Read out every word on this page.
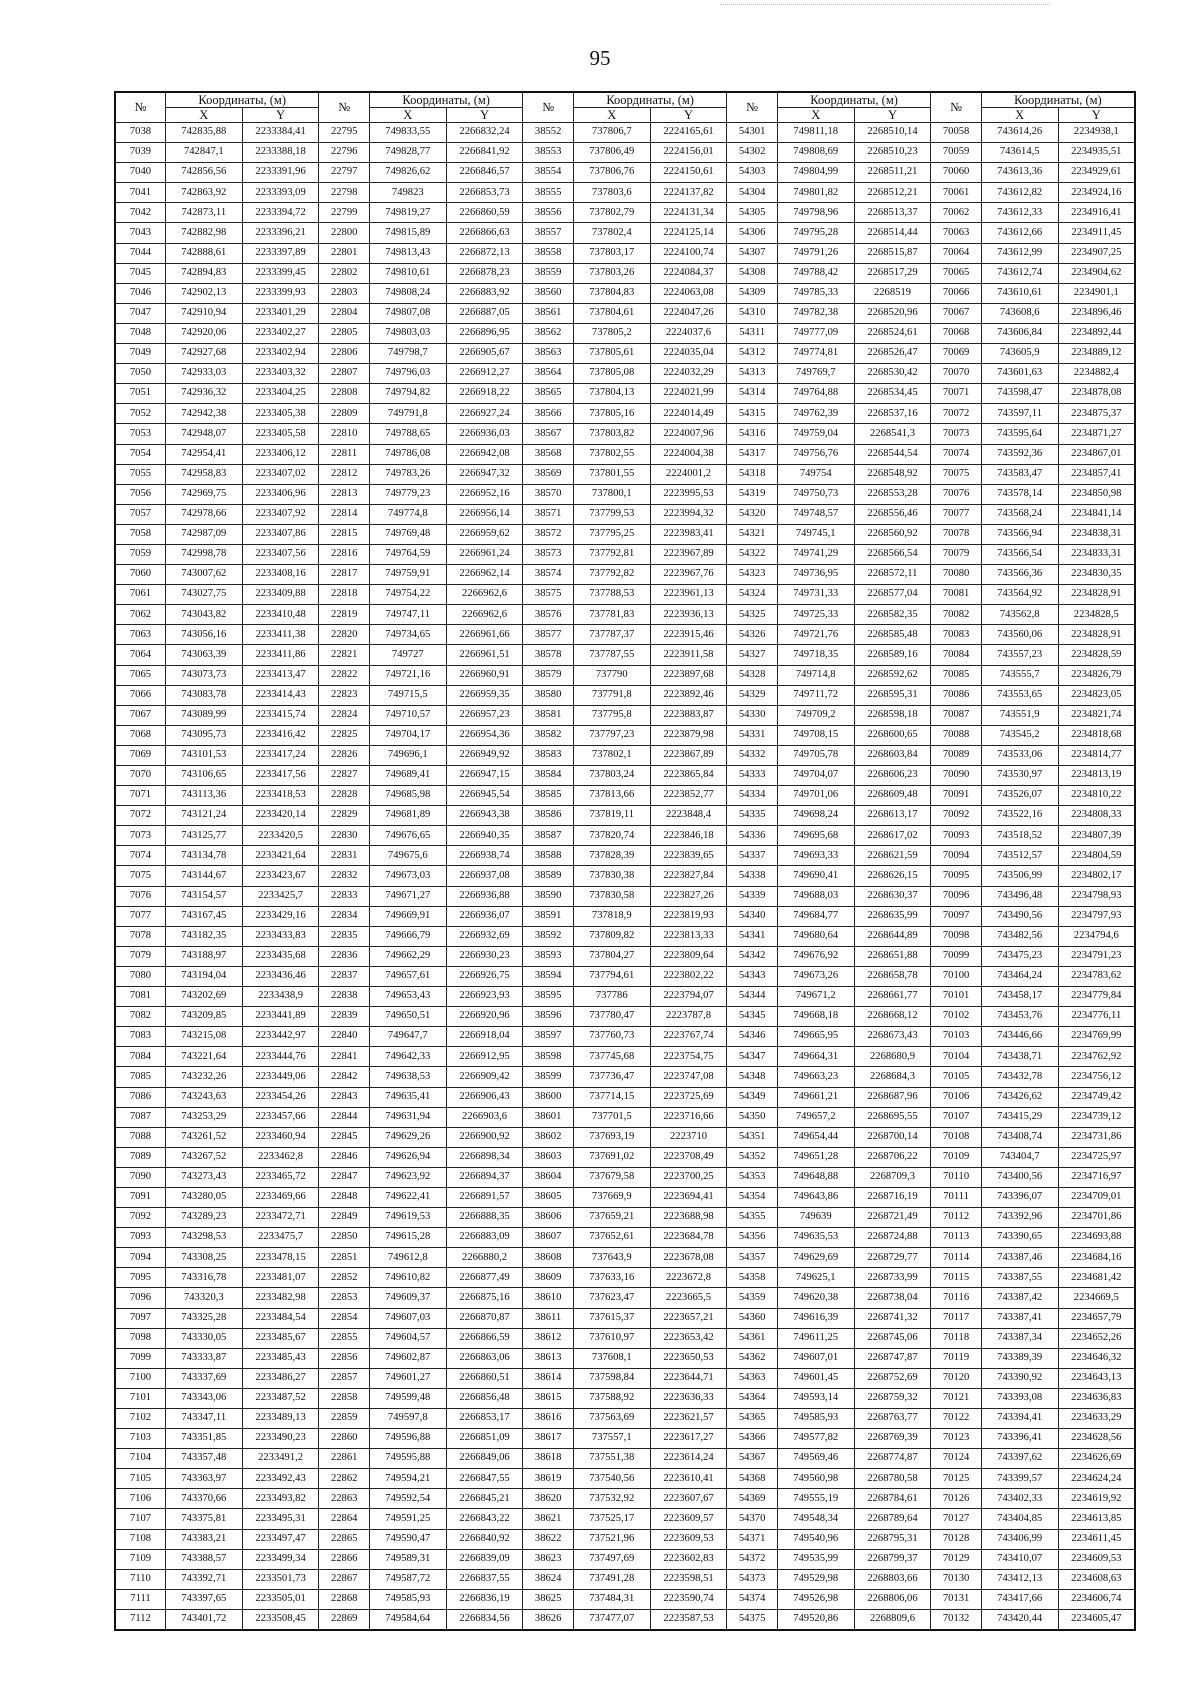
95
№	Координаты, (м)		№	Координаты, (м)		№	Координаты, (м)		№	Координаты, (м)		№	Координаты, (м)	
	X	Y		X	Y		X	Y		X	Y		X	Y
7038	742835,88	2233384,41	22795	749833,55	2266832,24	38552	737806,7	2224165,61	54301	749811,18	2268510,14	70058	743614,26	2234938,1
7039	742847,1	2233388,18	22796	749828,77	2266841,92	38553	737806,49	2224156,01	54302	749808,69	2268510,23	70059	743614,5	2234935,51
7040	742856,56	2233391,96	22797	749826,62	2266846,57	38554	737806,76	2224150,61	54303	749804,99	2268511,21	70060	743613,36	2234929,61
7041	742863,92	2233393,09	22798	749823	2266853,73	38555	737803,6	2224137,82	54304	749801,82	2268512,21	70061	743612,82	2234924,16
7042	742873,11	2233394,72	22799	749819,27	2266860,59	38556	737802,79	2224131,34	54305	749798,96	2268513,37	70062	743612,33	2234916,41
7043	742882,98	2233396,21	22800	749815,89	2266866,63	38557	737802,4	2224125,14	54306	749795,28	2268514,44	70063	743612,66	2234911,45
7044	742888,61	2233397,89	22801	749813,43	2266872,13	38558	737803,17	2224100,74	54307	749791,26	2268515,87	70064	743612,99	2234907,25
7045	742894,83	2233399,45	22802	749810,61	2266878,23	38559	737803,26	2224084,37	54308	749788,42	2268517,29	70065	743612,74	2234904,62
7046	742902,13	2233399,93	22803	749808,24	2266883,92	38560	737804,83	2224063,08	54309	749785,33	2268519	70066	743610,61	2234901,1
7047	742910,94	2233401,29	22804	749807,08	2266887,05	38561	737804,61	2224047,26	54310	749782,38	2268520,96	70067	743608,6	2234896,46
7048	742920,06	2233402,27	22805	749803,03	2266896,95	38562	737805,2	2224037,6	54311	749777,09	2268524,61	70068	743606,84	2234892,44
7049	742927,68	2233402,94	22806	749798,7	2266905,67	38563	737805,61	2224035,04	54312	749774,81	2268526,47	70069	743605,9	2234889,12
7050	742933,03	2233403,32	22807	749796,03	2266912,27	38564	737805,08	2224032,29	54313	749769,7	2268530,42	70070	743601,63	2234882,4
7051	742936,32	2233404,25	22808	749794,82	2266918,22	38565	737804,13	2224021,99	54314	749764,88	2268534,45	70071	743598,47	2234878,08
7052	742942,38	2233405,38	22809	749791,8	2266927,24	38566	737805,16	2224014,49	54315	749762,39	2268537,16	70072	743597,11	2234875,37
7053	742948,07	2233405,58	22810	749788,65	2266936,03	38567	737803,82	2224007,96	54316	749759,04	2268541,3	70073	743595,64	2234871,27
7054	742954,41	2233406,12	22811	749786,08	2266942,08	38568	737802,55	2224004,38	54317	749756,76	2268544,54	70074	743592,36	2234867,01
7055	742958,83	2233407,02	22812	749783,26	2266947,32	38569	737801,55	2224001,2	54318	749754	2268548,92	70075	743583,47	2234857,41
7056	742969,75	2233406,96	22813	749779,23	2266952,16	38570	737800,1	2223995,53	54319	749750,73	2268553,28	70076	743578,14	2234850,98
7057	742978,66	2233407,92	22814	749774,8	2266956,14	38571	737799,53	2223994,32	54320	749748,57	2268556,46	70077	743568,24	2234841,14
7058	742987,09	2233407,86	22815	749769,48	2266959,62	38572	737795,25	2223983,41	54321	749745,1	2268560,92	70078	743566,94	2234838,31
7059	742998,78	2233407,56	22816	749764,59	2266961,24	38573	737792,81	2223967,89	54322	749741,29	2268566,54	70079	743566,54	2234833,31
7060	743007,62	2233408,16	22817	749759,91	2266962,14	38574	737792,82	2223967,76	54323	749736,95	2268572,11	70080	743566,36	2234830,35
7061	743027,75	2233409,88	22818	749754,22	2266962,6	38575	737788,53	2223961,13	54324	749731,33	2268577,04	70081	743564,92	2234828,91
7062	743043,82	2233410,48	22819	749747,11	2266962,6	38576	737781,83	2223936,13	54325	749725,33	2268582,35	70082	743562,8	2234828,5
7063	743056,16	2233411,38	22820	749734,65	2266961,66	38577	737787,37	2223915,46	54326	749721,76	2268585,48	70083	743560,06	2234828,91
7064	743063,39	2233411,86	22821	749727	2266961,51	38578	737787,55	2223911,58	54327	749718,35	2268589,16	70084	743557,23	2234828,59
7065	743073,73	2233413,47	22822	749721,16	2266960,91	38579	737790	2223897,68	54328	749714,8	2268592,62	70085	743555,7	2234826,79
7066	743083,78	2233414,43	22823	749715,5	2266959,35	38580	737791,8	2223892,46	54329	749711,72	2268595,31	70086	743553,65	2234823,05
7067	743089,99	2233415,74	22824	749710,57	2266957,23	38581	737795,8	2223883,87	54330	749709,2	2268598,18	70087	743551,9	2234821,74
7068	743095,73	2233416,42	22825	749704,17	2266954,36	38582	737797,23	2223879,98	54331	749708,15	2268600,65	70088	743545,2	2234818,68
7069	743101,53	2233417,24	22826	749696,1	2266949,92	38583	737802,1	2223867,89	54332	749705,78	2268603,84	70089	743533,06	2234814,77
7070	743106,65	2233417,56	22827	749689,41	2266947,15	38584	737803,24	2223865,84	54333	749704,07	2268606,23	70090	743530,97	2234813,19
7071	743113,36	2233418,53	22828	749685,98	2266945,54	38585	737813,66	2223852,77	54334	749701,06	2268609,48	70091	743526,07	2234810,22
7072	743121,24	2233420,14	22829	749681,89	2266943,38	38586	737819,11	2223848,4	54335	749698,24	2268613,17	70092	743522,16	2234808,33
7073	743125,77	2233420,5	22830	749676,65	2266940,35	38587	737820,74	2223846,18	54336	749695,68	2268617,02	70093	743518,52	2234807,39
7074	743134,78	2233421,64	22831	749675,6	2266938,74	38588	737828,39	2223839,65	54337	749693,33	2268621,59	70094	743512,57	2234804,59
7075	743144,67	2233423,67	22832	749673,03	2266937,08	38589	737830,38	2223827,84	54338	749690,41	2268626,15	70095	743506,99	2234802,17
7076	743154,57	2233425,7	22833	749671,27	2266936,88	38590	737830,58	2223827,26	54339	749688,03	2268630,37	70096	743496,48	2234798,93
7077	743167,45	2233429,16	22834	749669,91	2266936,07	38591	737818,9	2223819,93	54340	749684,77	2268635,99	70097	743490,56	2234797,93
7078	743182,35	2233433,83	22835	749666,79	2266932,69	38592	737809,82	2223813,33	54341	749680,64	2268644,89	70098	743482,56	2234794,6
7079	743188,97	2233435,68	22836	749662,29	2266930,23	38593	737804,27	2223809,64	54342	749676,92	2268651,88	70099	743475,23	2234791,23
7080	743194,04	2233436,46	22837	749657,61	2266926,75	38594	737794,61	2223802,22	54343	749673,26	2268658,78	70100	743464,24	2234783,62
7081	743202,69	2233438,9	22838	749653,43	2266923,93	38595	737786	2223794,07	54344	749671,2	2268661,77	70101	743458,17	2234779,84
7082	743209,85	2233441,89	22839	749650,51	2266920,96	38596	737780,47	2223787,8	54345	749668,18	2268668,12	70102	743453,76	2234776,11
7083	743215,08	2233442,97	22840	749647,7	2266918,04	38597	737760,73	2223767,74	54346	749665,95	2268673,43	70103	743446,66	2234769,99
7084	743221,64	2233444,76	22841	749642,33	2266912,95	38598	737745,68	2223754,75	54347	749664,31	2268680,9	70104	743438,71	2234762,92
7085	743232,26	2233449,06	22842	749638,53	2266909,42	38599	737736,47	2223747,08	54348	749663,23	2268684,3	70105	743432,78	2234756,12
7086	743243,63	2233454,26	22843	749635,41	2266906,43	38600	737714,15	2223725,69	54349	749661,21	2268687,96	70106	743426,62	2234749,42
7087	743253,29	2233457,66	22844	749631,94	2266903,6	38601	737701,5	2223716,66	54350	749657,2	2268695,55	70107	743415,29	2234739,12
7088	743261,52	2233460,94	22845	749629,26	2266900,92	38602	737693,19	2223710	54351	749654,44	2268700,14	70108	743408,74	2234731,86
7089	743267,52	2233462,8	22846	749626,94	2266898,34	38603	737691,02	2223708,49	54352	749651,28	2268706,22	70109	743404,7	2234725,97
7090	743273,43	2233465,72	22847	749623,92	2266894,37	38604	737679,58	2223700,25	54353	749648,88	2268709,3	70110	743400,56	2234716,97
7091	743280,05	2233469,66	22848	749622,41	2266891,57	38605	737669,9	2223694,41	54354	749643,86	2268716,19	70111	743396,07	2234709,01
7092	743289,23	2233472,71	22849	749619,53	2266888,35	38606	737659,21	2223688,98	54355	749639	2268721,49	70112	743392,96	2234701,86
7093	743298,53	2233475,7	22850	749615,28	2266883,09	38607	737652,61	2223684,78	54356	749635,53	2268724,88	70113	743390,65	2234693,88
7094	743308,25	2233478,15	22851	749612,8	2266880,2	38608	737643,9	2223678,08	54357	749629,69	2268729,77	70114	743387,46	2234684,16
7095	743316,78	2233481,07	22852	749610,82	2266877,49	38609	737633,16	2223672,8	54358	749625,1	2268733,99	70115	743387,55	2234681,42
7096	743320,3	2233482,98	22853	749609,37	2266875,16	38610	737623,47	2223665,5	54359	749620,38	2268738,04	70116	743387,42	2234669,5
7097	743325,28	2233484,54	22854	749607,03	2266870,87	38611	737615,37	2223657,21	54360	749616,39	2268741,32	70117	743387,41	2234657,79
7098	743330,05	2233485,67	22855	749604,57	2266866,59	38612	737610,97	2223653,42	54361	749611,25	2268745,06	70118	743387,34	2234652,26
7099	743333,87	2233485,43	22856	749602,87	2266863,06	38613	737608,1	2223650,53	54362	749607,01	2268747,87	70119	743389,39	2234646,32
7100	743337,69	2233486,27	22857	749601,27	2266860,51	38614	737598,84	2223644,71	54363	749601,45	2268752,69	70120	743390,92	2234643,13
7101	743343,06	2233487,52	22858	749599,48	2266856,48	38615	737588,92	2223636,33	54364	749593,14	2268759,32	70121	743393,08	2234636,83
7102	743347,11	2233489,13	22859	749597,8	2266853,17	38616	737563,69	2223621,57	54365	749585,93	2268763,77	70122	743394,41	2234633,29
7103	743351,85	2233490,23	22860	749596,88	2266851,09	38617	737557,1	2223617,27	54366	749577,82	2268769,39	70123	743396,41	2234628,56
7104	743357,48	2233491,2	22861	749595,88	2266849,06	38618	737551,38	2223614,24	54367	749569,46	2268774,87	70124	743397,62	2234626,69
7105	743363,97	2233492,43	22862	749594,21	2266847,55	38619	737540,56	2223610,41	54368	749560,98	2268780,58	70125	743399,57	2234624,24
7106	743370,66	2233493,82	22863	749592,54	2266845,21	38620	737532,92	2223607,67	54369	749555,19	2268784,61	70126	743402,33	2234619,92
7107	743375,81	2233495,31	22864	749591,25	2266843,22	38621	737525,17	2223609,57	54370	749548,34	2268789,64	70127	743404,85	2234613,85
7108	743383,21	2233497,47	22865	749590,47	2266840,92	38622	737521,96	2223609,53	54371	749540,96	2268795,31	70128	743406,99	2234611,45
7109	743388,57	2233499,34	22866	749589,31	2266839,09	38623	737497,69	2223602,83	54372	749535,99	2268799,37	70129	743410,07	2234609,53
7110	743392,71	2233501,73	22867	749587,72	2266837,55	38624	737491,28	2223598,51	54373	749529,98	2268803,66	70130	743412,13	2234608,63
7111	743397,65	2233505,01	22868	749585,93	2266836,19	38625	737484,31	2223590,74	54374	749526,98	2268806,06	70131	743417,66	2234606,74
7112	743401,72	2233508,45	22869	749584,64	2266834,56	38626	737477,07	2223587,53	54375	749520,86	2268809,6	70132	743420,44	2234605,47
